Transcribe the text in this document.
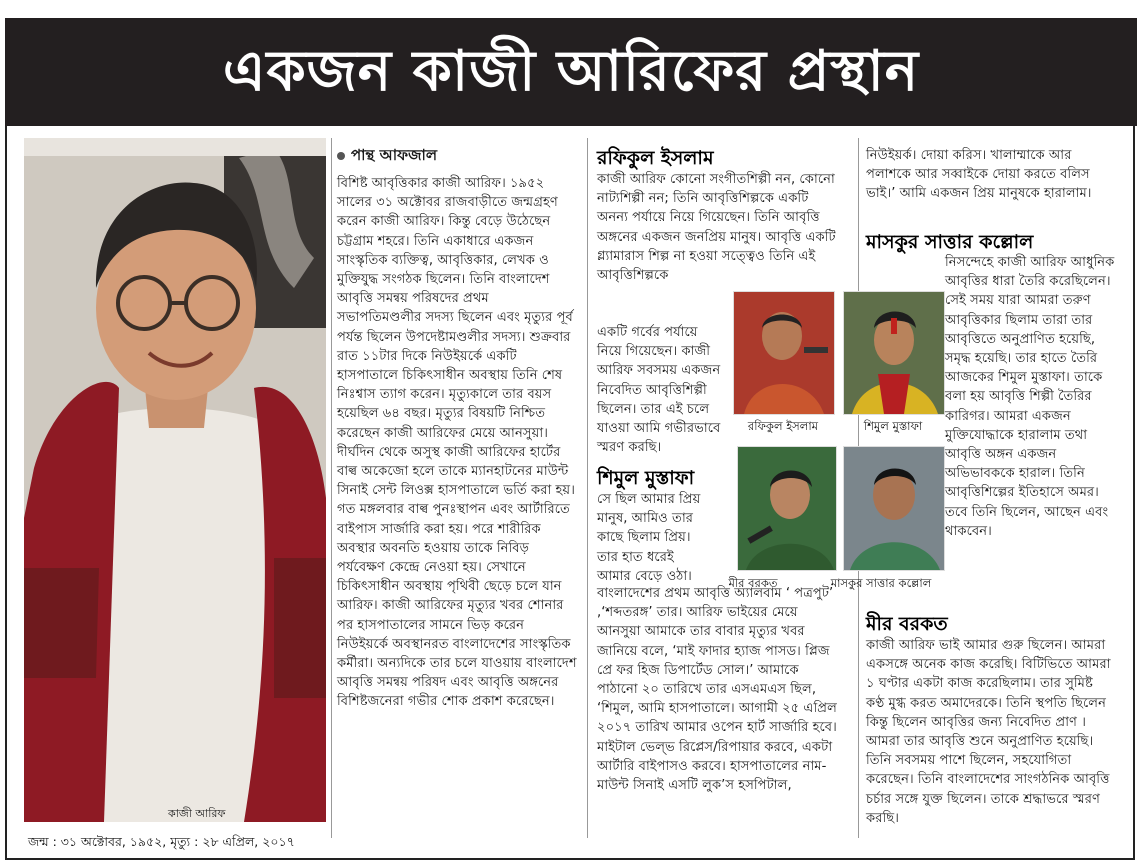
একজন কাজী আরিফের প্রস্থান
কাজী আরিফ
জন্ম : ৩১ অক্টোবর, ১৯৫২, মৃত্যু : ২৮ এপ্রিল, ২০১৭
পান্থ আফজাল

বিশিষ্ট আবৃত্তিকার কাজী আরিফ। ১৯৫২ সালের ৩১ অক্টোবর রাজবাড়ীতে জন্মগ্রহণ করেন কাজী আরিফ। কিন্তু বেড়ে উঠেছেন চট্টগ্রাম শহরে। তিনি একাধারে একজন সাংস্কৃতিক ব্যক্তিত্ব, আবৃত্তিকার, লেখক ও মুক্তিযুদ্ধ সংগঠক ছিলেন। তিনি বাংলাদেশ আবৃত্তি সমন্বয় পরিষদের প্রথম সভাপতিমণ্ডলীর সদস্য ছিলেন এবং মৃত্যুর পূর্ব পর্যন্ত ছিলেন উপদেষ্টামণ্ডলীর সদস্য। শুক্রবার রাত ১১টার দিকে নিউইয়র্কে একটি হাসপাতালে চিকিৎসাধীন অবস্থায় তিনি শেষ নিঃশ্বাস ত্যাগ করেন। মৃত্যুকালে তার বয়স হয়েছিল ৬৪ বছর। মৃত্যুর বিষয়টি নিশ্চিত করেছেন কাজী আরিফের মেয়ে আনসুয়া। দীর্ঘদিন থেকে অসুস্থ কাজী আরিফের হার্টের বাল্ব অকেজো হলে তাকে ম্যানহাটনের মাউন্ট সিনাই সেন্ট লিওক্স হাসপাতালে ভর্তি করা হয়। গত মঙ্গলবার বাল্ব পুনঃস্থাপন এবং আর্টারিতে বাইপাস সার্জারি করা হয়। পরে শারীরিক অবস্থার অবনতি হওয়ায় তাকে নিবিড় পর্যবেক্ষণ কেন্দ্রে নেওয়া হয়। সেখানে চিকিৎসাধীন অবস্থায় পৃথিবী ছেড়ে চলে যান আরিফ। কাজী আরিফের মৃত্যুর খবর শোনার পর হাসপাতালের সামনে ভিড় করেন নিউইয়র্কে অবস্থানরত বাংলাদেশের সাংস্কৃতিক কর্মীরা। অন্যদিকে তার চলে যাওয়ায় বাংলাদেশ আবৃত্তি সমন্বয় পরিষদ এবং আবৃত্তি অঙ্গনের বিশিষ্টজনেরা গভীর শোক প্রকাশ করেছেন।

রফিকুল ইসলাম
কাজী আরিফ কোনো সংগীতশিল্পী নন, কোনো নাট্যশিল্পী নন; তিনি আবৃত্তিশিল্পকে একটি অনন্য পর্যায়ে নিয়ে গিয়েছেন। তিনি আবৃত্তি অঙ্গনের একজন জনপ্রিয় মানুষ। আবৃত্তি একটি গ্ল্যামারাস শিল্প না হওয়া সত্ত্বেও তিনি এই আবৃত্তিশিল্পকে
একটি গর্বের পর্যায়ে নিয়ে গিয়েছেন। কাজী আরিফ সবসময় একজন নিবেদিত আবৃত্তিশিল্পী ছিলেন। তার এই চলে যাওয়া আমি গভীরভাবে স্মরণ করছি।
শিমুল মুস্তাফা
সে ছিল আমার প্রিয় মানুষ, আমিও তার কাছে ছিলাম প্রিয়। তার হাত ধরেই আমার বেড়ে ওঠা।
বাংলাদেশের প্রথম আবৃত্তি অ্যালবাম ‘ পত্রপুট’ ,‘শব্দতরঙ্গ’ তার। আরিফ ভাইয়ের মেয়ে আনসুয়া আমাকে তার বাবার মৃত্যুর খবর জানিয়ে বলে, ‘মাই ফাদার হ্যাজ পাসড। প্লিজ প্রে ফর হিজ ডিপার্টেড সোল।’ আমাকে পাঠানো ২০ তারিখে তার এসএমএস ছিল, ‘শিমুল, আমি হাসপাতালে। আগামী ২৫ এপ্রিল ২০১৭ তারিখ আমার ওপেন হার্ট সার্জারি হবে। মাইটাল ভেল্ভ রিপ্লেস/রিপায়ার করবে, একটা আর্টারি বাইপাসও করবে। হাসপাতালের নাম- মাউন্ট সিনাই এসটি লুক’স হসপিটাল,
রফিকুল ইসলাম	শিমুল মুস্তাফা
মীর বরকত	মাসকুর সাত্তার কল্লোল
নিউইয়র্ক। দোয়া করিস। খালাম্মাকে আর পলাশকে আর সব্বাইকে দোয়া করতে বলিস ভাই।’ আমি একজন প্রিয় মানুষকে হারালাম।
মাসকুর সাত্তার কল্লোল
নিসন্দেহে কাজী আরিফ আধুনিক আবৃত্তির ধারা তৈরি করেছিলেন। সেই সময় যারা আমরা তরুণ আবৃত্তিকার ছিলাম তারা তার আবৃত্তিতে অনুপ্রাণিত হয়েছি, সমৃদ্ধ হয়েছি। তার হাতে তৈরি আজকের শিমুল মুস্তাফা। তাকে বলা হয় আবৃত্তি শিল্পী তৈরির কারিগর। আমরা একজন মুক্তিযোদ্ধাকে হারালাম তথা আবৃত্তি অঙ্গন একজন অভিভাবককে হারাল। তিনি আবৃত্তিশিল্পের ইতিহাসে অমর। তবে তিনি ছিলেন, আছেন এবং থাকবেন।
মীর বরকত
কাজী আরিফ ভাই আমার গুরু ছিলেন। আমরা একসঙ্গে অনেক কাজ করেছি। বিটিভিতে আমরা ১ ঘণ্টার একটা কাজ করেছিলাম। তার সুমিষ্ট কণ্ঠ মুগ্ধ করত অমাদেরকে। তিনি স্থপতি ছিলেন কিন্তু ছিলেন আবৃত্তির জন্য নিবেদিত প্রাণ । আমরা তার আবৃত্তি শুনে অনুপ্রাণিত হয়েছি। তিনি সবসময় পাশে ছিলেন, সহযোগিতা করেছেন। তিনি বাংলাদেশের সাংগঠনিক আবৃত্তি চর্চার সঙ্গে যুক্ত ছিলেন। তাকে শ্রদ্ধাভরে স্মরণ করছি।
